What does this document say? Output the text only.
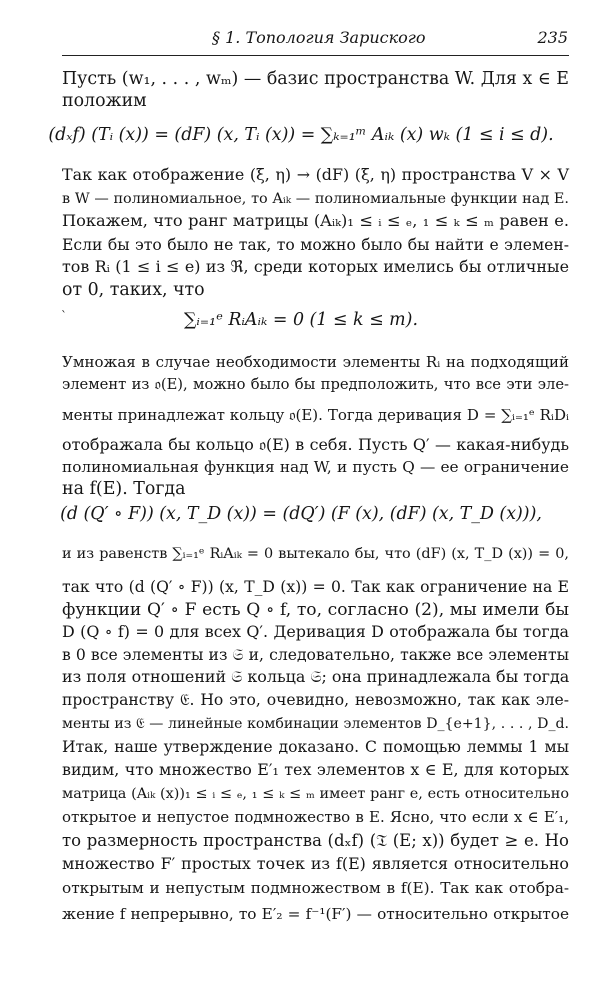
§ 1. Топология Зариского	235
Пусть (w₁, . . . , wₘ) — базис пространства W. Для x ∈ E
положим
(dₓf) (Tᵢ (x)) = (dF) (x, Tᵢ (x)) = ∑ₖ₌₁ᵐ Aᵢₖ (x) wₖ (1 ≤ i ≤ d).
Так как отображение (ξ, η) → (dF) (ξ, η) пространства V × V
в W — полиномиальное, то Aᵢₖ — полиномиальные функции над E.
Покажем, что ранг матрицы (Aᵢₖ)₁ ≤ ᵢ ≤ ₑ, ₁ ≤ ₖ ≤ ₘ равен e.
Если бы это было не так, то можно было бы найти e элемен-
тов Rᵢ (1 ≤ i ≤ e) из ℜ, среди которых имелись бы отличные
от 0, таких, что
ˋ	∑ᵢ₌₁ᵉ RᵢAᵢₖ = 0 (1 ≤ k ≤ m).
Умножая в случае необходимости элементы Rᵢ на подходящий
элемент из 𝔬(E), можно было бы предположить, что все эти эле-
менты принадлежат кольцу 𝔬(E). Тогда деривация D = ∑ᵢ₌₁ᵉ RᵢDᵢ
отображала бы кольцо 𝔬(E) в себя. Пусть Q′ — какая-нибудь
полиномиальная функция над W, и пусть Q — ее ограничение
на f(E). Тогда
(d (Q′ ∘ F)) (x, T_D (x)) = (dQ′) (F (x), (dF) (x, T_D (x))),
и из равенств ∑ᵢ₌₁ᵉ RᵢAᵢₖ = 0 вытекало бы, что (dF) (x, T_D (x)) = 0,
так что (d (Q′ ∘ F)) (x, T_D (x)) = 0. Так как ограничение на E
функции Q′ ∘ F есть Q ∘ f, то, согласно (2), мы имели бы
D (Q ∘ f) = 0 для всех Q′. Деривация D отображала бы тогда
в 0 все элементы из 𝔖 и, следовательно, также все элементы
из поля отношений 𝔖 кольца 𝔖; она принадлежала бы тогда
пространству 𝔈. Но это, очевидно, невозможно, так как эле-
менты из 𝔈 — линейные комбинации элементов D_{e+1}, . . . , D_d.
Итак, наше утверждение доказано. С помощью леммы 1 мы
видим, что множество E′₁ тех элементов x ∈ E, для которых
матрица (Aᵢₖ (x))₁ ≤ ᵢ ≤ ₑ, ₁ ≤ ₖ ≤ ₘ имеет ранг e, есть относительно
открытое и непустое подмножество в E. Ясно, что если x ∈ E′₁,
то размерность пространства (dₓf) (𝔗 (E; x)) будет ≥ e. Но
множество F′ простых точек из f(E) является относительно
открытым и непустым подмножеством в f(E). Так как отобра-
жение f непрерывно, то E′₂ = f⁻¹(F′) — относительно открытое
